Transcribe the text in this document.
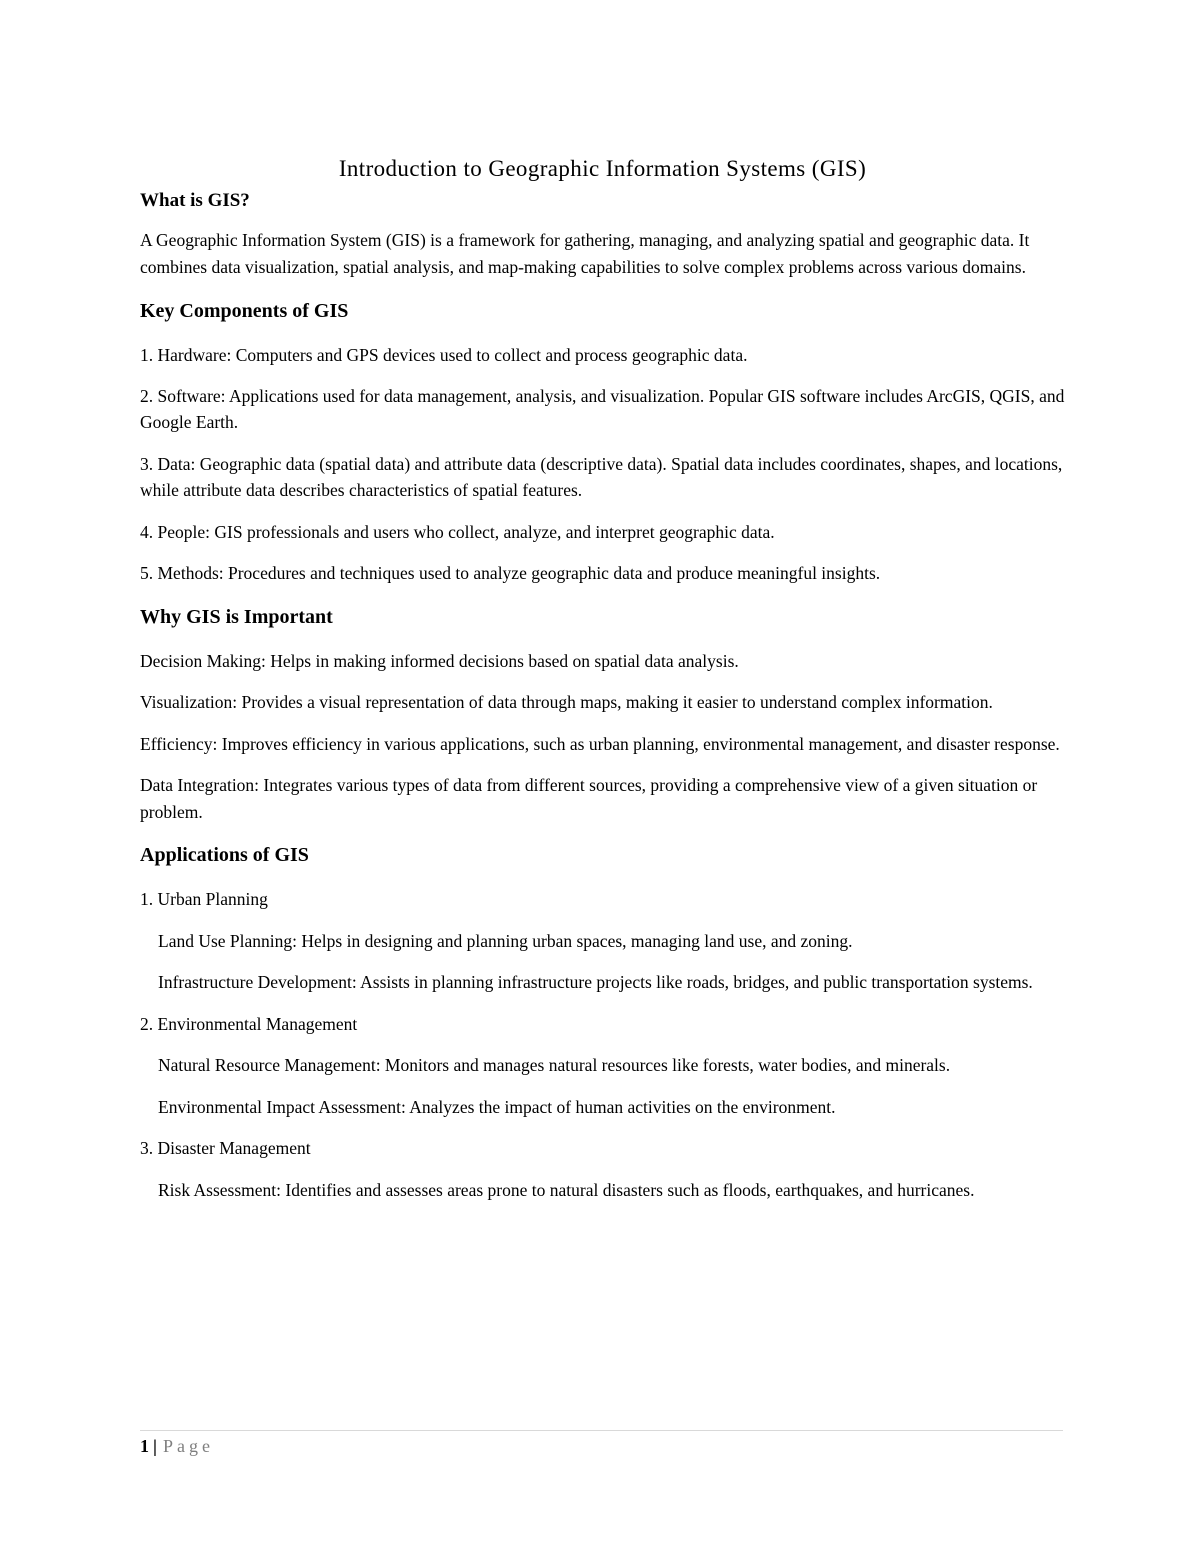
Introduction to Geographic Information Systems (GIS)
What is GIS?

A Geographic Information System (GIS) is a framework for gathering, managing, and analyzing spatial and geographic data. It combines data visualization, spatial analysis, and map-making capabilities to solve complex problems across various domains.

Key Components of GIS

1. Hardware: Computers and GPS devices used to collect and process geographic data.

2. Software: Applications used for data management, analysis, and visualization. Popular GIS software includes ArcGIS, QGIS, and Google Earth.

3. Data: Geographic data (spatial data) and attribute data (descriptive data). Spatial data includes coordinates, shapes, and locations, while attribute data describes characteristics of spatial features.

4. People: GIS professionals and users who collect, analyze, and interpret geographic data.

5. Methods: Procedures and techniques used to analyze geographic data and produce meaningful insights.

Why GIS is Important

Decision Making: Helps in making informed decisions based on spatial data analysis.

Visualization: Provides a visual representation of data through maps, making it easier to understand complex information.

Efficiency: Improves efficiency in various applications, such as urban planning, environmental management, and disaster response.

Data Integration: Integrates various types of data from different sources, providing a comprehensive view of a given situation or problem.

Applications of GIS

1. Urban Planning

Land Use Planning: Helps in designing and planning urban spaces, managing land use, and zoning.

Infrastructure Development: Assists in planning infrastructure projects like roads, bridges, and public transportation systems.

2. Environmental Management

Natural Resource Management: Monitors and manages natural resources like forests, water bodies, and minerals.

Environmental Impact Assessment: Analyzes the impact of human activities on the environment.

3. Disaster Management

Risk Assessment: Identifies and assesses areas prone to natural disasters such as floods, earthquakes, and hurricanes.

1 | Page
